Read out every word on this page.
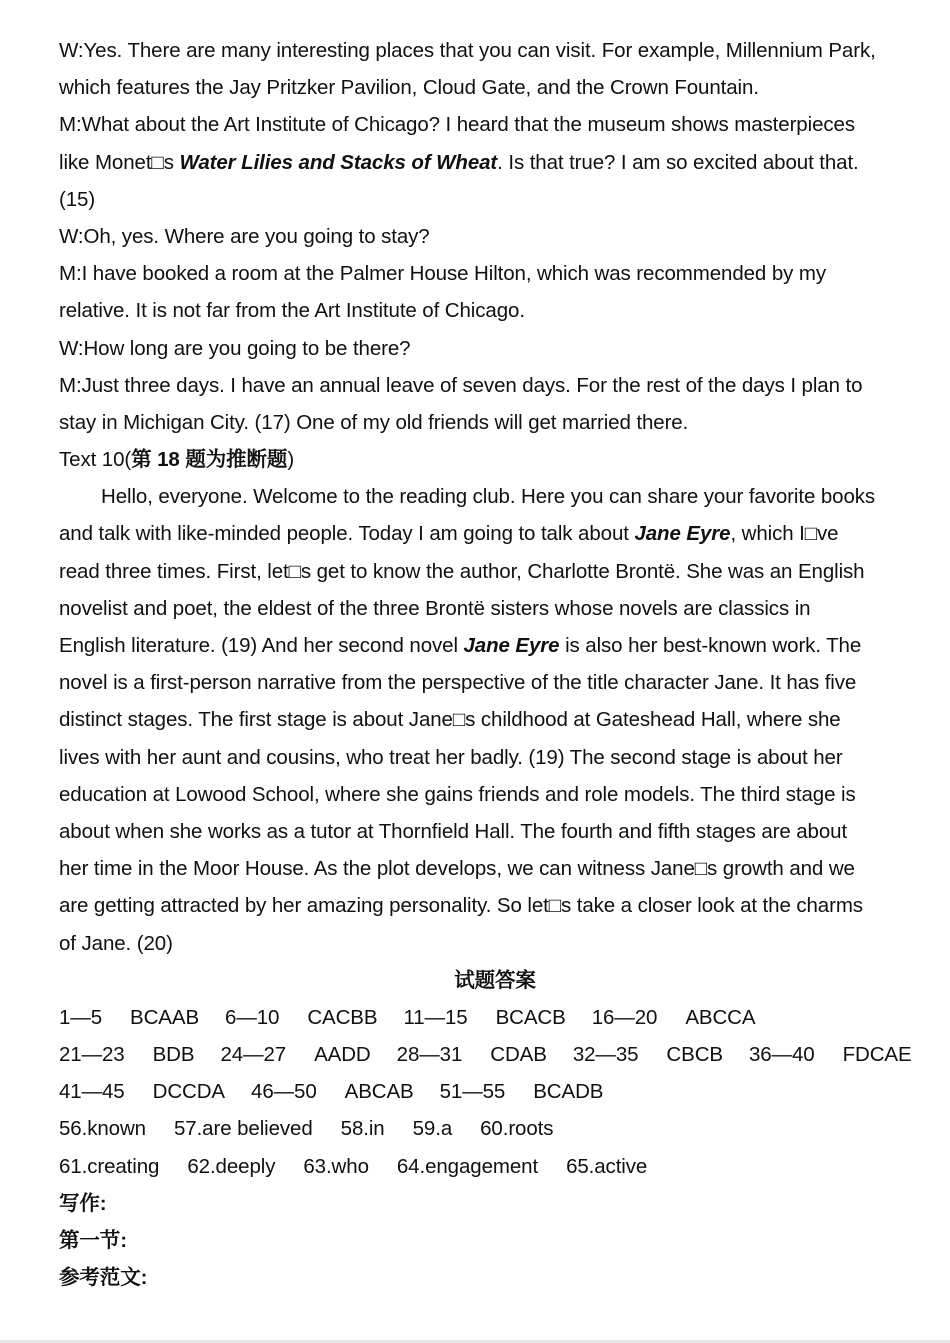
W:Yes. There are many interesting places that you can visit. For example, Millennium Park,
which features the Jay Pritzker Pavilion, Cloud Gate, and the Crown Fountain.
M:What about the Art Institute of Chicago? I heard that the museum shows masterpieces
like Monet□s Water Lilies and Stacks of Wheat. Is that true? I am so excited about that.
(15)
W:Oh, yes. Where are you going to stay?
M:I have booked a room at the Palmer House Hilton, which was recommended by my
relative. It is not far from the Art Institute of Chicago.
W:How long are you going to be there?
M:Just three days. I have an annual leave of seven days. For the rest of the days I plan to
stay in Michigan City. (17) One of my old friends will get married there.
Text 10(第 18 题为推断题)
Hello, everyone. Welcome to the reading club. Here you can share your favorite books
and talk with like-minded people. Today I am going to talk about Jane Eyre, which I□ve
read three times. First, let□s get to know the author, Charlotte Brontë. She was an English
novelist and poet, the eldest of the three Brontë sisters whose novels are classics in
English literature. (19) And her second novel Jane Eyre is also her best-known work. The
novel is a first-person narrative from the perspective of the title character Jane. It has five
distinct stages. The first stage is about Jane□s childhood at Gateshead Hall, where she
lives with her aunt and cousins, who treat her badly. (19) The second stage is about her
education at Lowood School, where she gains friends and role models. The third stage is
about when she works as a tutor at Thornfield Hall. The fourth and fifth stages are about
her time in the Moor House. As the plot develops, we can witness Jane□s growth and we
are getting attracted by her amazing personality. So let□s take a closer look at the charms
of Jane. (20)
试题答案
1—5 BCAAB 6—10 CACBB 11—15 BCACB 16—20 ABCCA
21—23 BDB 24—27 AADD 28—31 CDAB 32—35 CBCB 36—40 FDCAE
41—45 DCCDA 46—50 ABCAB 51—55 BCADB
56.known 57.are believed 58.in 59.a 60.roots
61.creating 62.deeply 63.who 64.engagement 65.active
写作:
第一节:
参考范文:
